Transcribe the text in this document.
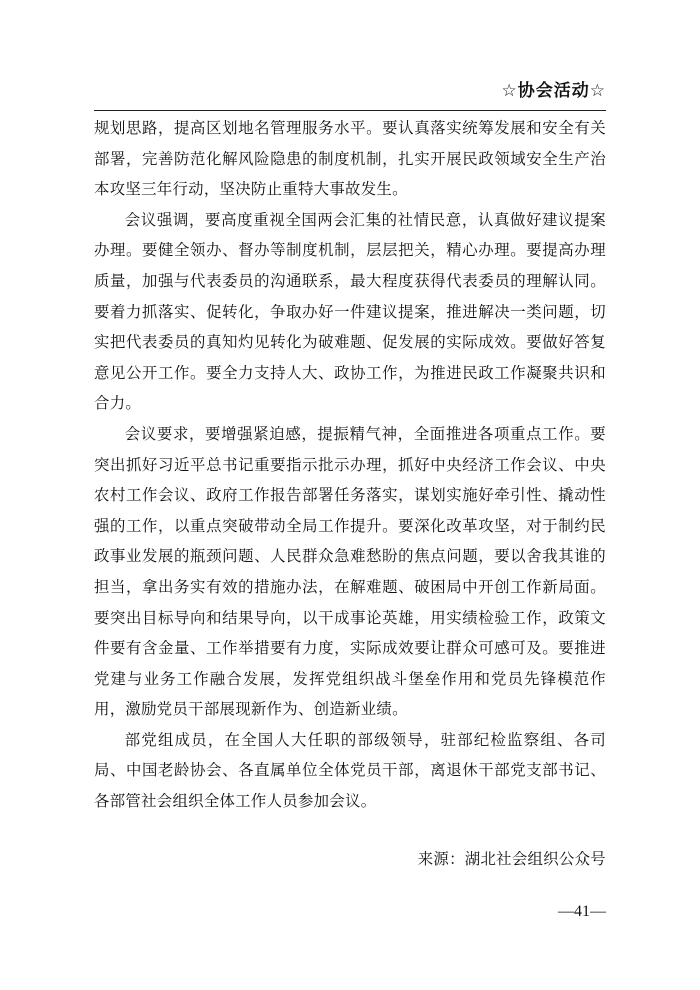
☆协会活动☆

规划思路，提高区划地名管理服务水平。要认真落实统筹发展和安全有关部署，完善防范化解风险隐患的制度机制，扎实开展民政领域安全生产治本攻坚三年行动，坚决防止重特大事故发生。

会议强调，要高度重视全国两会汇集的社情民意，认真做好建议提案办理。要健全领办、督办等制度机制，层层把关，精心办理。要提高办理质量，加强与代表委员的沟通联系，最大程度获得代表委员的理解认同。要着力抓落实、促转化，争取办好一件建议提案，推进解决一类问题，切实把代表委员的真知灼见转化为破难题、促发展的实际成效。要做好答复意见公开工作。要全力支持人大、政协工作，为推进民政工作凝聚共识和合力。

会议要求，要增强紧迫感，提振精气神，全面推进各项重点工作。要突出抓好习近平总书记重要指示批示办理，抓好中央经济工作会议、中央农村工作会议、政府工作报告部署任务落实，谋划实施好牵引性、撬动性强的工作，以重点突破带动全局工作提升。要深化改革攻坚，对于制约民政事业发展的瓶颈问题、人民群众急难愁盼的焦点问题，要以舍我其谁的担当，拿出务实有效的措施办法，在解难题、破困局中开创工作新局面。要突出目标导向和结果导向，以干成事论英雄，用实绩检验工作，政策文件要有含金量、工作举措要有力度，实际成效要让群众可感可及。要推进党建与业务工作融合发展，发挥党组织战斗堡垒作用和党员先锋模范作用，激励党员干部展现新作为、创造新业绩。

部党组成员，在全国人大任职的部级领导，驻部纪检监察组、各司局、中国老龄协会、各直属单位全体党员干部，离退休干部党支部书记、各部管社会组织全体工作人员参加会议。

来源：湖北社会组织公众号
—41—
